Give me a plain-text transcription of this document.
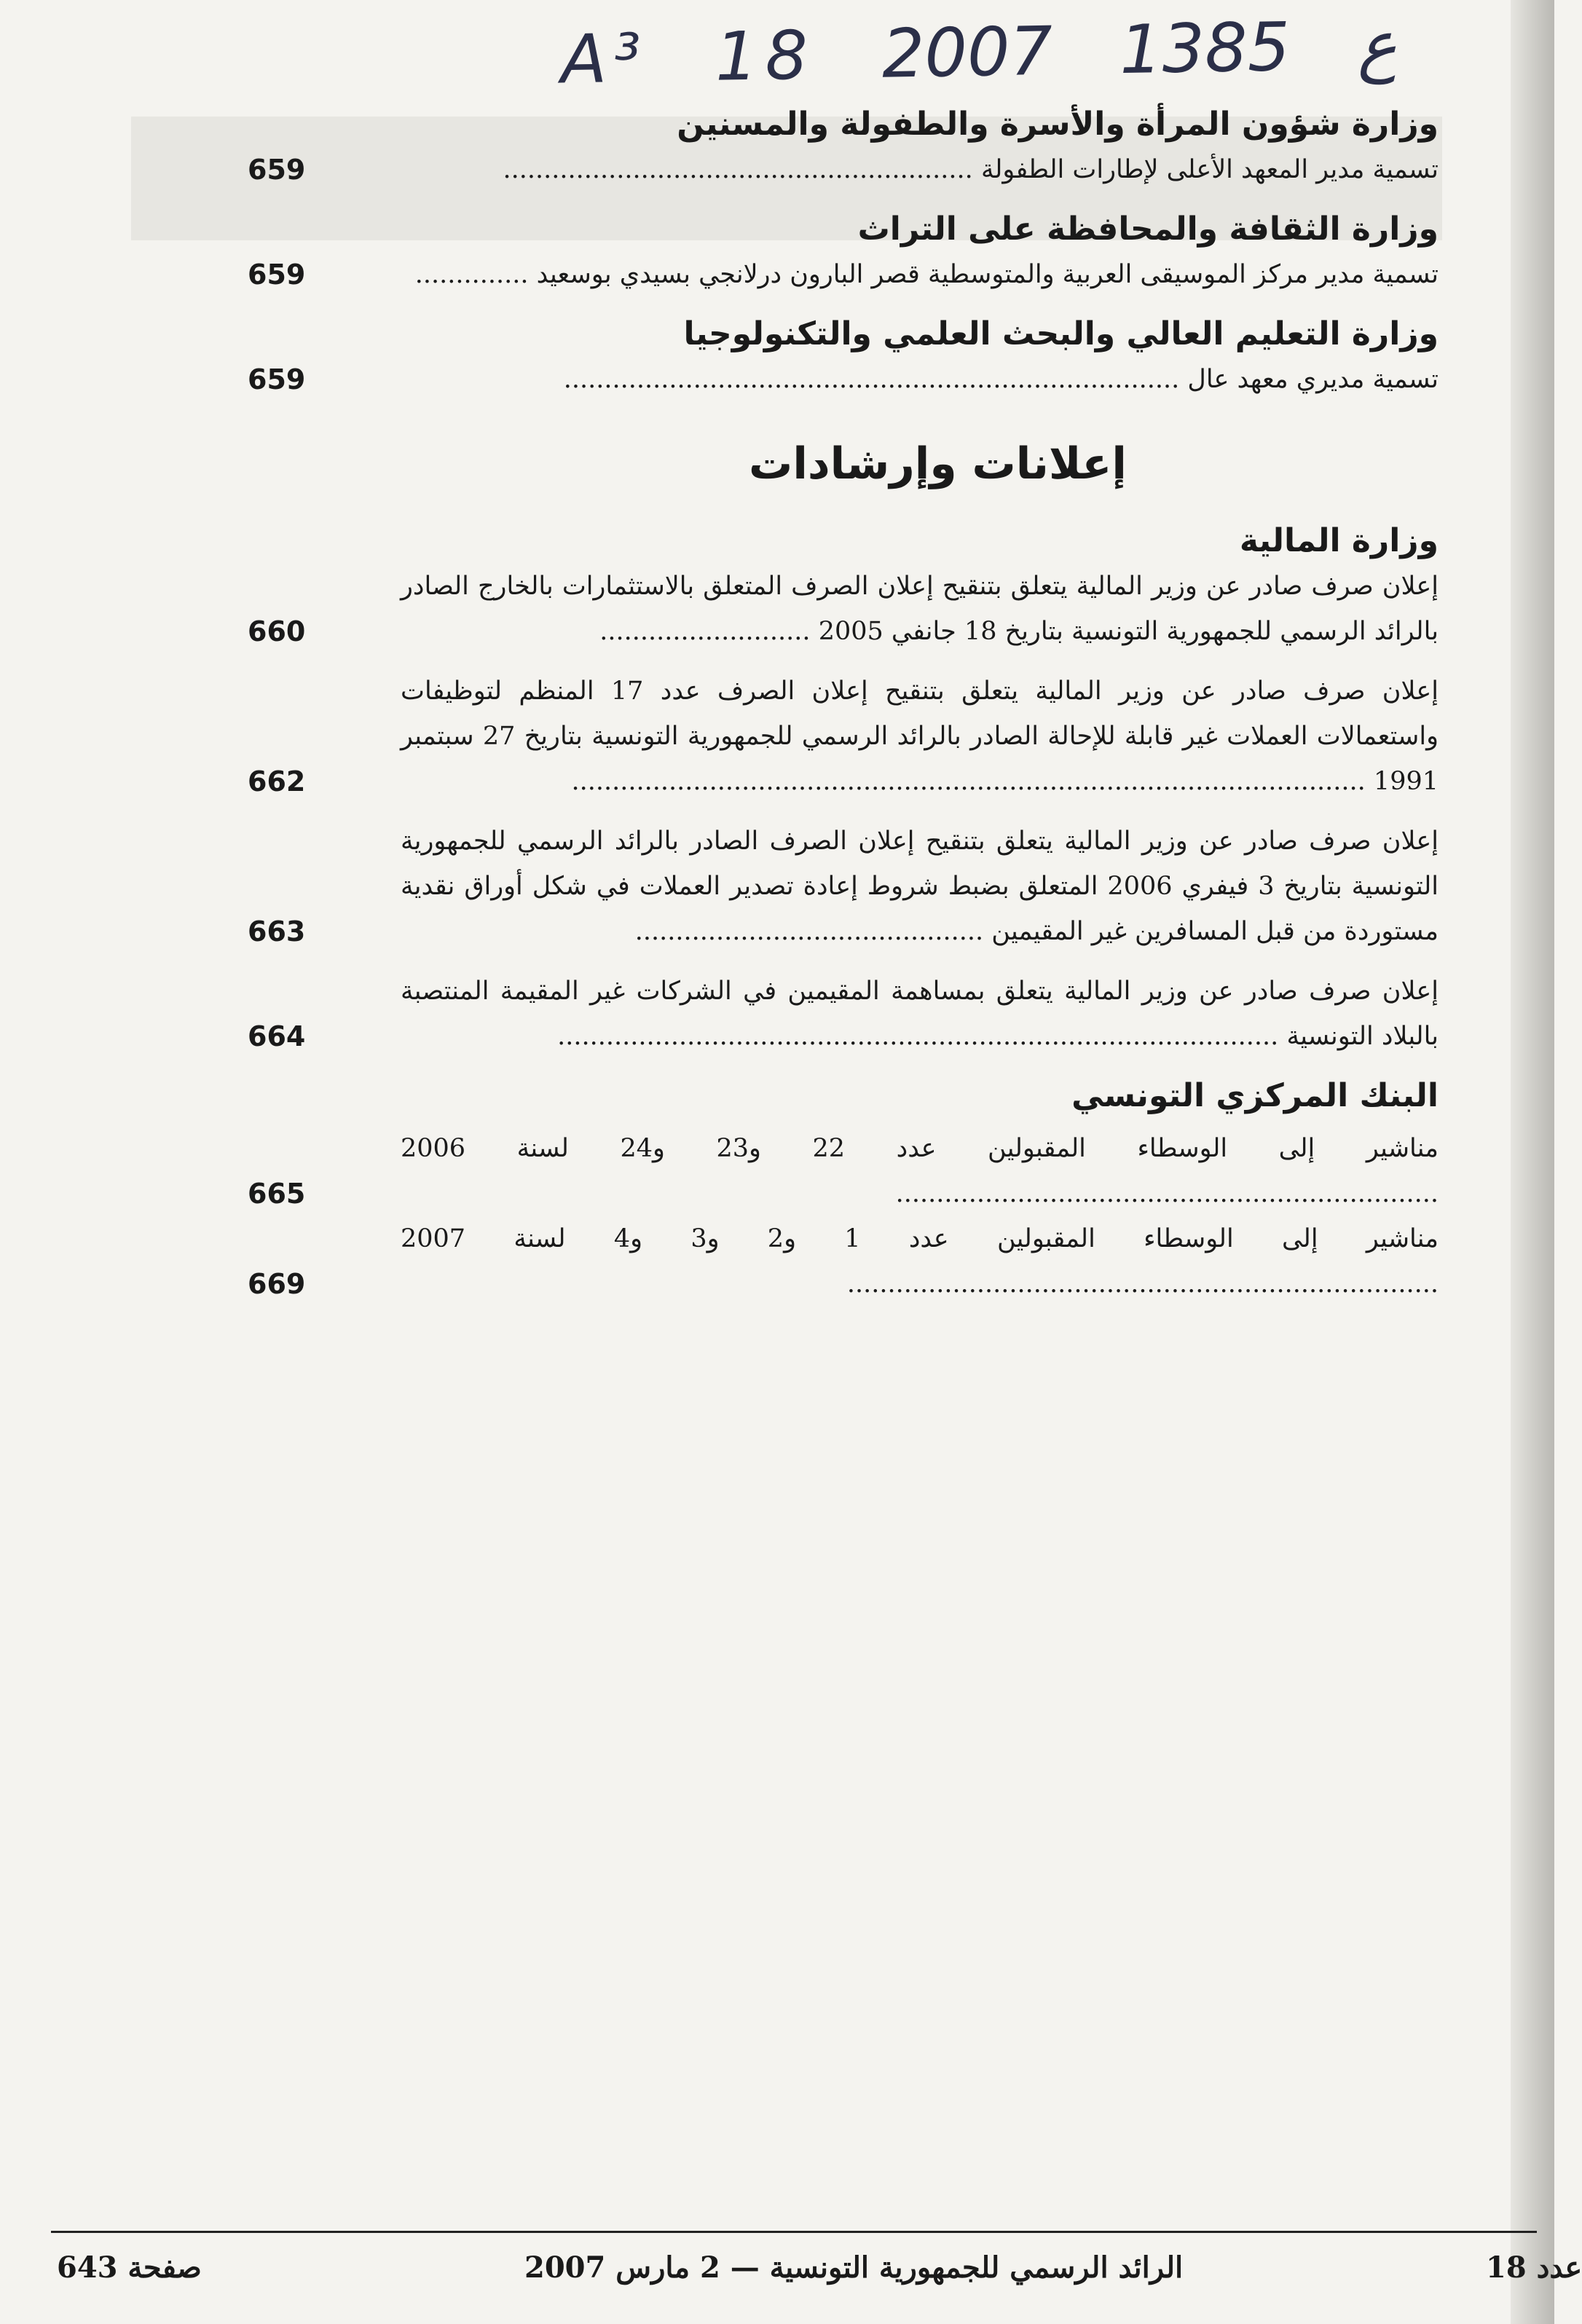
A³ 18	ع2007 1385
وزارة شؤون المرأة والأسرة والطفولة والمسنين

تسمية مدير المعهد الأعلى لإطارات الطفولة ..........................................................
659

وزارة الثقافة والمحافظة على التراث

تسمية مدير مركز الموسيقى العربية والمتوسطية قصر البارون درلانجي بسيدي بوسعيد ..............
659

وزارة التعليم العالي والبحث العلمي والتكنولوجيا

تسمية مديري معهد عال ............................................................................
659

إعلانات وإرشادات
وزارة المالية

إعلان صرف صادر عن وزير المالية يتعلق بتنقيح إعلان الصرف المتعلق بالاستثمارات بالخارج الصادر بالرائد الرسمي للجمهورية التونسية بتاريخ 18 جانفي 2005 ..........................
660

إعلان صرف صادر عن وزير المالية يتعلق بتنقيح إعلان الصرف عدد 17 المنظم لتوظيفات واستعمالات العملات غير قابلة للإحالة الصادر بالرائد الرسمي للجمهورية التونسية بتاريخ 27 سبتمبر 1991 ..................................................................................................
662

إعلان صرف صادر عن وزير المالية يتعلق بتنقيح إعلان الصرف الصادر بالرائد الرسمي للجمهورية التونسية بتاريخ 3 فيفري 2006 المتعلق بضبط شروط إعادة تصدير العملات في شكل أوراق نقدية مستوردة من قبل المسافرين غير المقيمين ...........................................
663

إعلان صرف صادر عن وزير المالية يتعلق بمساهمة المقيمين في الشركات غير المقيمة المنتصبة بالبلاد التونسية .........................................................................................
664

البنك المركزي التونسي

مناشير إلى الوسطاء المقبولين عدد 22 و23 و24 لسنة 2006 ...................................................................
665

مناشير إلى الوسطاء المقبولين عدد 1 و2 و3 و4 لسنة 2007 .........................................................................
669

صفحة 643	الرائد الرسمي للجمهورية التونسية — 2 مارس 2007	عدد 18
